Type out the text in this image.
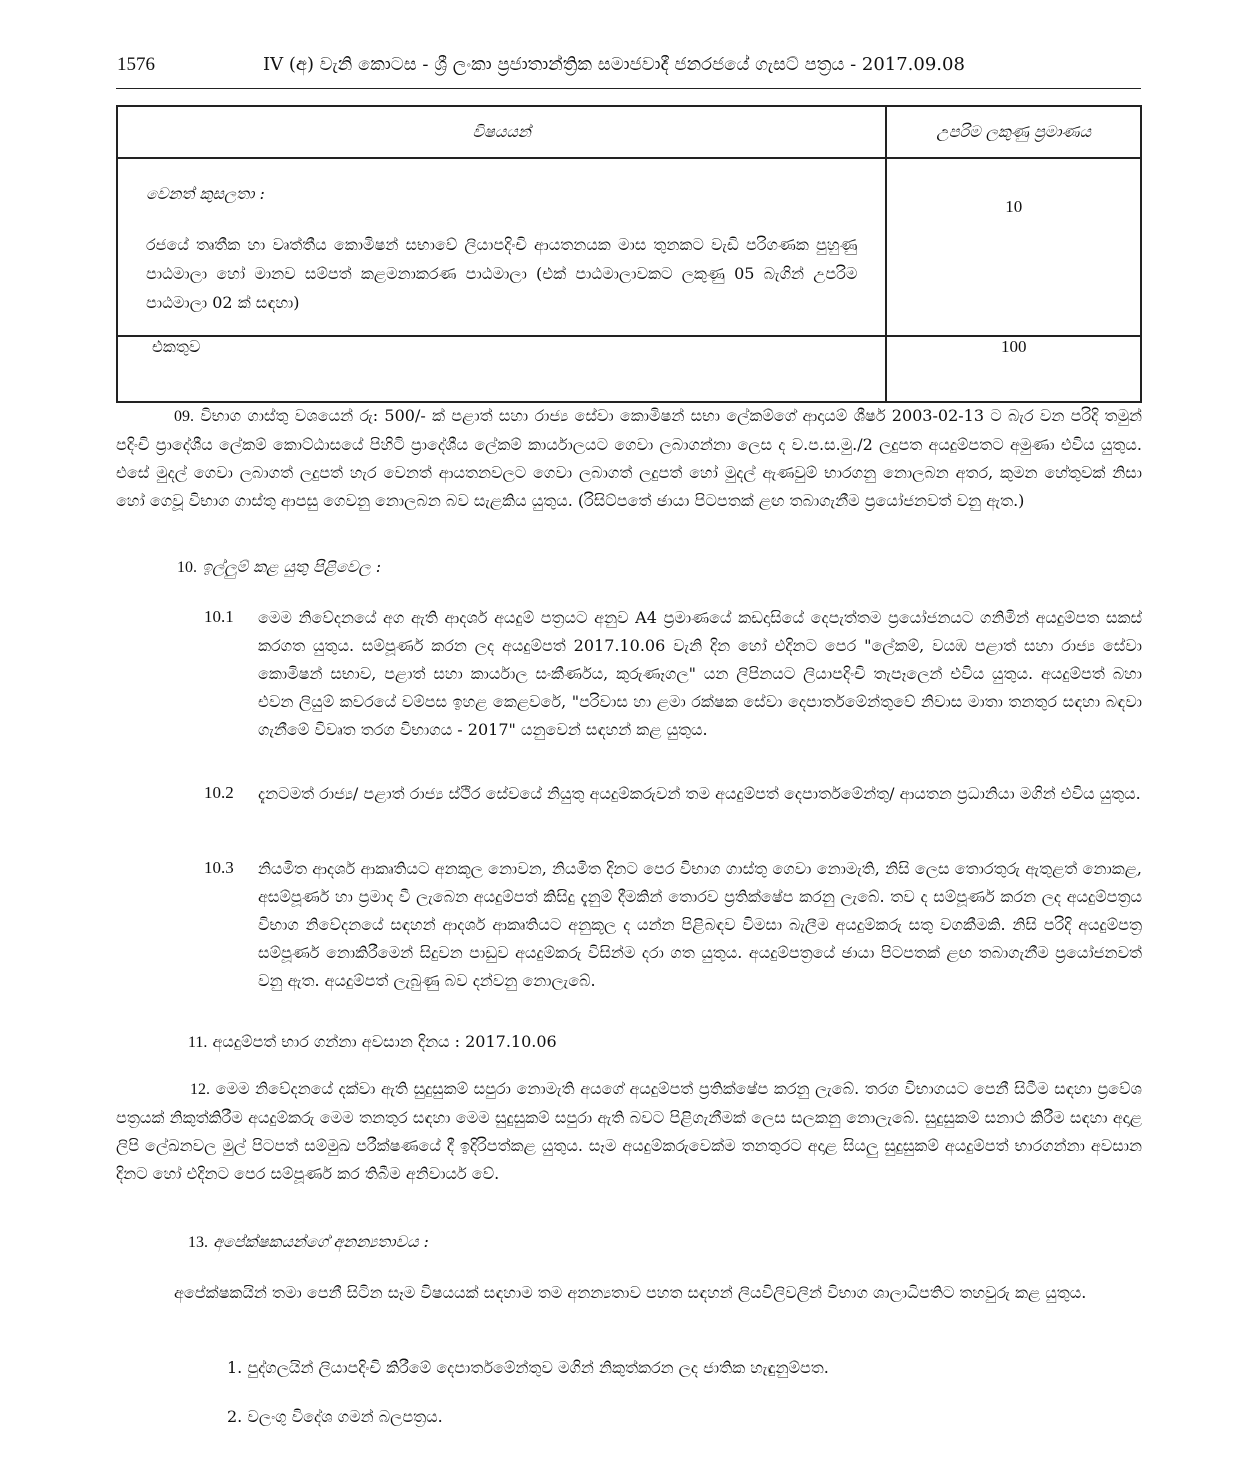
1576	IV (අ) වැනි කොටස - ශ්‍රී ලංකා ප්‍රජාතාන්ත්‍රික සමාජවාදී ජනරජයේ ගැසට් පත්‍රය - 2017.09.08
විෂයයන්	උපරිම ලකුණු ප්‍රමාණය

වෙනත් කුසලතා :
රජයේ තෘතීක හා වෘත්තීය කොමිෂන් සභාවේ ලියාපදිංචි ආයතනයක මාස තුනකට වැඩි පරිගණක පුහුණු පාඨමාලා හෝ මානව සම්පත් කළමනාකරණ පාඨමාලා (එක් පාඨමාලාවකට ලකුණු 05 බැගින් උපරිම පාඨමාලා 02 ක් සඳහා)	10
එකතුව	100
09. විභාග ගාස්තු වශයෙන් රු: 500/- ක් පළාත් සහා රාජ්‍ය සේවා කොමිෂන් සභා ලේකම්ගේ ආදායම් ශීර්ෂ 2003-02-13 ට බැර වන පරිදි තමුන් පදිංචි ප්‍රාදේශීය ලේකම් කොට්ඨාසයේ පිහිටි ප්‍රාදේශීය ලේකම් කාර්යාලයට ගෙවා ලබාගන්නා ලෙස ද ව.ප.ස.මු./2 ලදුපත අයදුම්පතට අමුණා එවිය යුතුය. එසේ මුදල් ගෙවා ලබාගත් ලදුපත් හැර වෙනත් ආයතනවලට ගෙවා ලබාගත් ලදුපත් හෝ මුදල් ඇණවුම් භාරගනු නොලබන අතර, කුමන හේතුවක් නිසා හෝ ගෙවූ විභාග ගාස්තු ආපසු ගෙවනු නොලබන බව සැළකිය යුතුය. (රිසිට්පතේ ඡායා පිටපතක් ළඟ තබාගැනීම ප්‍රයෝජනවත් වනු ඇත.)
10. ඉල්ලුම් කළ යුතු පිළිවෙල :
10.1 මෙම නිවේදනයේ අග ඇති ආදර්ශ අයදුම් පත්‍රයට අනුව A4 ප්‍රමාණයේ කඩදාසියේ දෙපැත්තම ප්‍රයෝජනයට ගනිමින් අයදුම්පත සකස් කරගත යුතුය. සම්පූර්ණ කරන ලද අයදුම්පත් 2017.10.06 වැනි දින හෝ එදිනට පෙර "ලේකම්, වයඹ පළාත් සහා රාජ්‍ය සේවා කොමිෂන් සභාව, පළාත් සහා කාර්යාල සංකීර්ණය, කුරුණෑගල" යන ලිපිනයට ලියාපදිංචි තැපෑලෙන් එවිය යුතුය. අයදුම්පත් බහා එවන ලියුම් කවරයේ වම්පස ඉහළ කෙළවරේ, "පරිවාස හා ළමා රක්ෂක සේවා දෙපාර්තමේන්තුවේ නිවාස මාතා තනතුර සඳහා බඳවා ගැනීමේ විවෘත තරග විභාගය - 2017" යනුවෙන් සඳහන් කළ යුතුය.
10.2 දැනටමත් රාජ්‍ය/ පළාත් රාජ්‍ය ස්ථිර සේවයේ නියුතු අයදුම්කරුවන් තම අයදුම්පත් දෙපාර්තමේන්තු/ ආයතන ප්‍රධානියා මගින් එවිය යුතුය.
10.3 නියමිත ආදර්ශ ආකෘතියට අනකූල නොවන, නියමිත දිනට පෙර විභාග ගාස්තු ගෙවා නොමැති, නිසි ලෙස තොරතුරු ඇතුළත් නොකළ, අසම්පූර්ණ හා ප්‍රමාද වී ලැබෙන අයදුම්පත් කිසිදු දැනුම් දීමකින් තොරව ප්‍රතික්ෂේප කරනු ලැබේ. තව ද සම්පූර්ණ කරන ලද අයදුම්පත්‍රය විභාග නිවේදනයේ සඳහන් ආදර්ශ ආකෘතියට අනුකූල ද යන්න පිළිබඳව විමසා බැලීම අයදුම්කරු සතු වගකීමකි. නිසි පරිදි අයදුම්පත්‍ර සම්පූර්ණ නොකිරීමෙන් සිදුවන පාඩුව අයදුම්කරු විසින්ම දරා ගත යුතුය. අයදුම්පත්‍රයේ ඡායා පිටපතක් ළඟ තබාගැනීම ප්‍රයෝජනවත් වනු ඇත. අයදුම්පත් ලැබුණු බව දන්වනු නොලැබේ.
11. අයදුම්පත් භාර ගන්නා අවසාන දිනය : 2017.10.06
12. මෙම නිවේදනයේ දක්වා ඇති සුදුසුකම් සපුරා නොමැති අයගේ අයදුම්පත් ප්‍රතික්ෂේප කරනු ලැබේ. තරග විභාගයට පෙනී සිටීම සඳහා ප්‍රවේශ පත්‍රයක් නිකුත්කිරීම අයදුම්කරු මෙම තනතුර සඳහා මෙම සුදුසුකම් සපුරා ඇති බවට පිළිගැනීමක් ලෙස සලකනු නොලැබේ. සුදුසුකම් සනාථ කිරීම සඳහා අදාළ ලිපි ලේඛනවල මුල් පිටපත් සම්මුඛ පරීක්ෂණයේ දී ඉදිරිපත්කළ යුතුය. සෑම අයදුම්කරුවෙක්ම තනතුරට අදාළ සියලු සුදුසුකම් අයදුම්පත් භාරගන්නා අවසාන දිනට හෝ එදිනට පෙර සම්පූර්ණ කර තිබීම අනිවාර්ය වේ.
13. අපේක්ෂකයන්ගේ අනන්‍යතාවය :
අපේක්ෂකයින් තමා පෙනී සිටින සෑම විෂයයක් සඳහාම තම අනන්‍යතාව පහත සඳහන් ලියවිලිවලින් විභාග ශාලාධිපතිට තහවුරු කළ යුතුය.
1. පුද්ගලයින් ලියාපදිංචි කිරීමේ දෙපාර්තමේන්තුව මගින් නිකුත්කරන ලද ජාතික හැඳුනුම්පත.
2. වලංගු විදේශ ගමන් බලපත්‍රය.
